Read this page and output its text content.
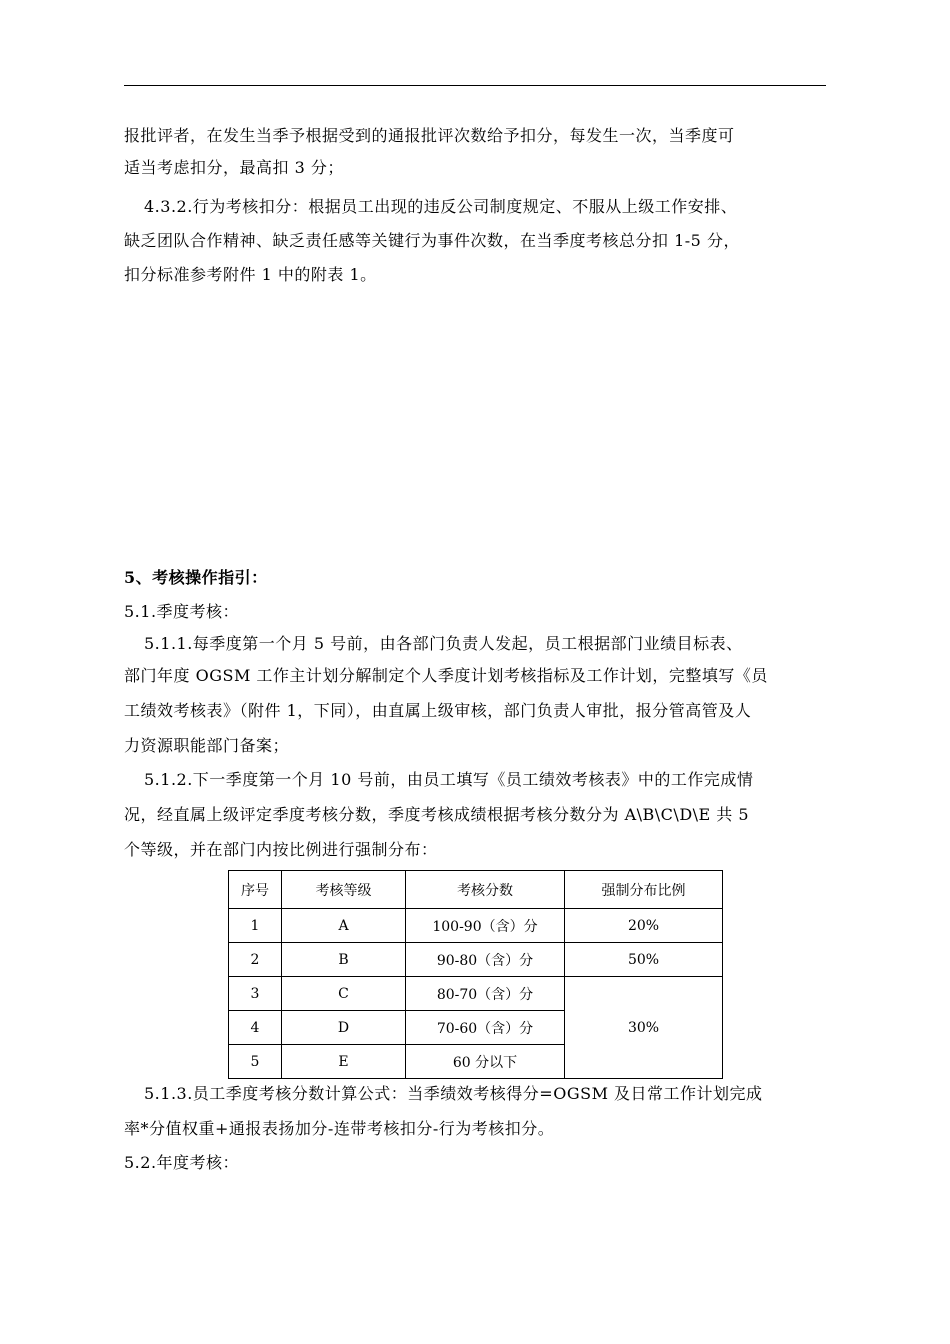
报批评者，在发生当季予根据受到的通报批评次数给予扣分，每发生一次，当季度可
适当考虑扣分，最高扣 3 分；
4.3.2.行为考核扣分：根据员工出现的违反公司制度规定、不服从上级工作安排、
缺乏团队合作精神、缺乏责任感等关键行为事件次数，在当季度考核总分扣 1-5 分，
扣分标准参考附件 1 中的附表 1。
5、考核操作指引：
5.1.季度考核：
5.1.1.每季度第一个月 5 号前，由各部门负责人发起，员工根据部门业绩目标表、
部门年度 OGSM 工作主计划分解制定个人季度计划考核指标及工作计划，完整填写《员
工绩效考核表》（附件 1，下同），由直属上级审核，部门负责人审批，报分管高管及人
力资源职能部门备案；
5.1.2.下一季度第一个月 10 号前，由员工填写《员工绩效考核表》中的工作完成情
况，经直属上级评定季度考核分数，季度考核成绩根据考核分数分为 A\B\C\D\E 共 5
个等级，并在部门内按比例进行强制分布：
序号	考核等级	考核分数	强制分布比例
1	A	100-90（含）分	20%
2	B	90-80（含）分	50%
3	C	80-70（含）分	30%
4	D	70-60（含）分	
5	E	60 分以下	
5.1.3.员工季度考核分数计算公式：当季绩效考核得分=OGSM 及日常工作计划完成
率*分值权重+通报表扬加分-连带考核扣分-行为考核扣分。
5.2.年度考核：
